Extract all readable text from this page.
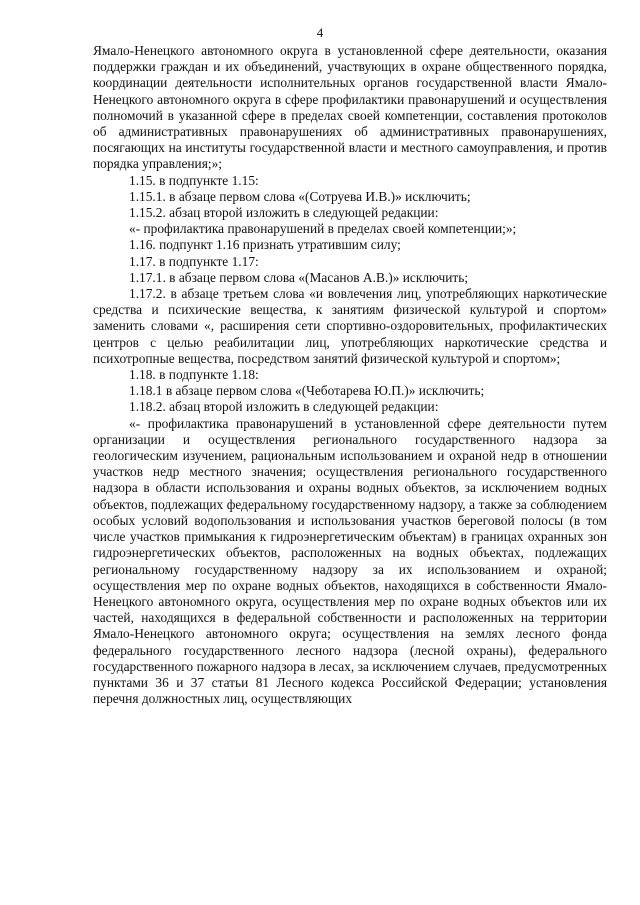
4

Ямало-Ненецкого автономного округа в установленной сфере деятельности, оказания поддержки граждан и их объединений, участвующих в охране общественного порядка, координации деятельности исполнительных органов государственной власти Ямало-Ненецкого автономного округа в сфере профилактики правонарушений и осуществления полномочий в указанной сфере в пределах своей компетенции, составления протоколов об административных правонарушениях об административных правонарушениях, посягающих на институты государственной власти и местного самоуправления, и против порядка управления;»;

1.15. в подпункте 1.15:

1.15.1. в абзаце первом слова «(Сотруева И.В.)» исключить;

1.15.2. абзац второй изложить в следующей редакции:

«- профилактика правонарушений в пределах своей компетенции;»;

1.16. подпункт 1.16 признать утратившим силу;

1.17. в подпункте 1.17:

1.17.1. в абзаце первом слова «(Масанов А.В.)» исключить;

1.17.2. в абзаце третьем слова «и вовлечения лиц, употребляющих наркотические средства и психические вещества, к занятиям физической культурой и спортом» заменить словами «, расширения сети спортивно-оздоровительных, профилактических центров с целью реабилитации лиц, употребляющих наркотические средства и психотропные вещества, посредством занятий физической культурой и спортом»;

1.18. в подпункте 1.18:

1.18.1 в абзаце первом слова «(Чеботарева Ю.П.)» исключить;

1.18.2. абзац второй изложить в следующей редакции:

«- профилактика правонарушений в установленной сфере деятельности путем организации и осуществления регионального государственного надзора за геологическим изучением, рациональным использованием и охраной недр в отношении участков недр местного значения; осуществления регионального государственного надзора в области использования и охраны водных объектов, за исключением водных объектов, подлежащих федеральному государственному надзору, а также за соблюдением особых условий водопользования и использования участков береговой полосы (в том числе участков примыкания к гидроэнергетическим объектам) в границах охранных зон гидроэнергетических объектов, расположенных на водных объектах, подлежащих региональному государственному надзору за их использованием и охраной; осуществления мер по охране водных объектов, находящихся в собственности Ямало-Ненецкого автономного округа, осуществления мер по охране водных объектов или их частей, находящихся в федеральной собственности и расположенных на территории Ямало-Ненецкого автономного округа; осуществления на землях лесного фонда федерального государственного лесного надзора (лесной охраны), федерального государственного пожарного надзора в лесах, за исключением случаев, предусмотренных пунктами 36 и 37 статьи 81 Лесного кодекса Российской Федерации; установления перечня должностных лиц, осуществляющих
